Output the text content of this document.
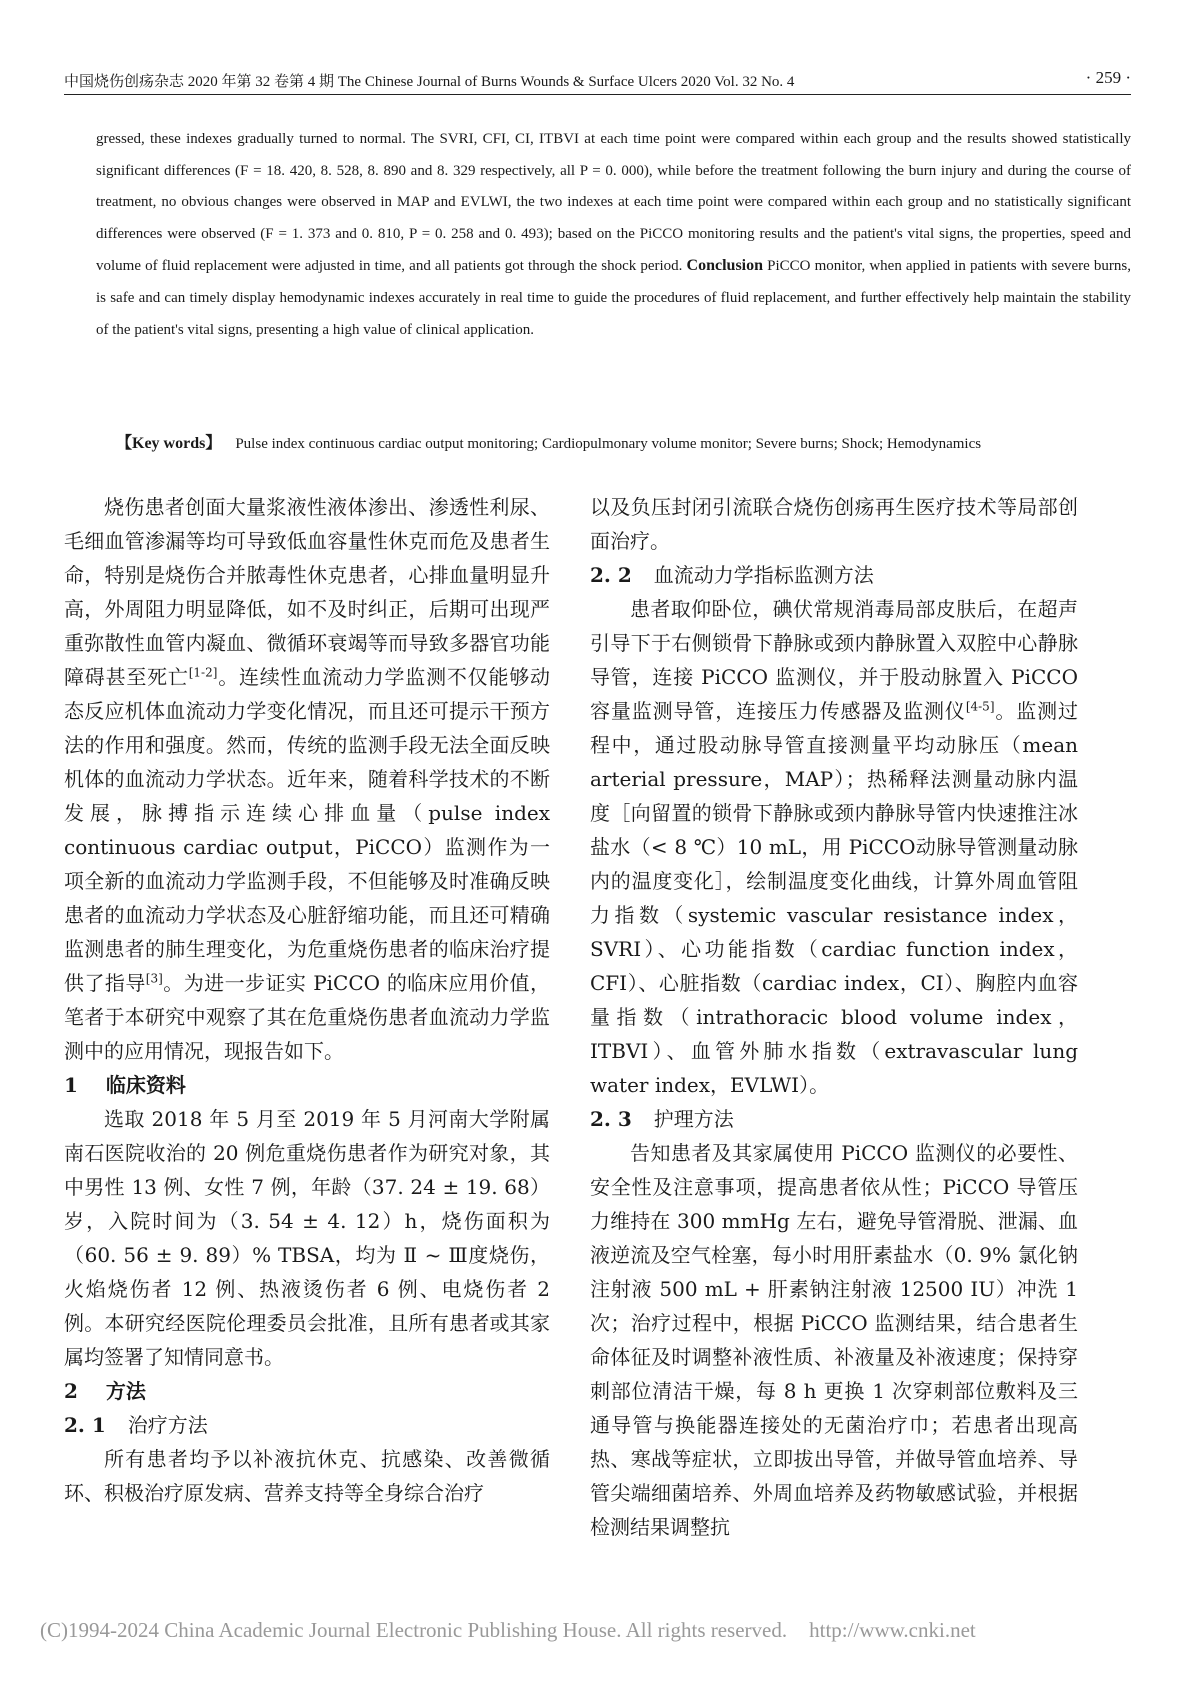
中国烧伤创疡杂志 2020 年第 32 卷第 4 期 The Chinese Journal of Burns Wounds & Surface Ulcers 2020 Vol. 32 No. 4	· 259 ·
gressed, these indexes gradually turned to normal. The SVRI, CFI, CI, ITBVI at each time point were compared within each group and the results showed statistically significant differences (F = 18. 420, 8. 528, 8. 890 and 8. 329 respectively, all P = 0. 000), while before the treatment following the burn injury and during the course of treatment, no obvious changes were observed in MAP and EVLWI, the two indexes at each time point were compared within each group and no statistically significant differences were observed (F = 1. 373 and 0. 810, P = 0. 258 and 0. 493); based on the PiCCO monitoring results and the patient's vital signs, the properties, speed and volume of fluid replacement were adjusted in time, and all patients got through the shock period. Conclusion PiCCO monitor, when applied in patients with severe burns, is safe and can timely display hemodynamic indexes accurately in real time to guide the procedures of fluid replacement, and further effectively help maintain the stability of the patient's vital signs, presenting a high value of clinical application.
【Key words】 Pulse index continuous cardiac output monitoring; Cardiopulmonary volume monitor; Severe burns; Shock; Hemodynamics

烧伤患者创面大量浆液性液体渗出、渗透性利尿、毛细血管渗漏等均可导致低血容量性休克而危及患者生命，特别是烧伤合并脓毒性休克患者，心排血量明显升高，外周阻力明显降低，如不及时纠正，后期可出现严重弥散性血管内凝血、微循环衰竭等而导致多器官功能障碍甚至死亡[1-2]。连续性血流动力学监测不仅能够动态反应机体血流动力学变化情况，而且还可提示干预方法的作用和强度。然而，传统的监测手段无法全面反映机体的血流动力学状态。近年来，随着科学技术的不断发展，脉搏指示连续心排血量（pulse index continuous cardiac output，PiCCO）监测作为一项全新的血流动力学监测手段，不但能够及时准确反映患者的血流动力学状态及心脏舒缩功能，而且还可精确监测患者的肺生理变化，为危重烧伤患者的临床治疗提供了指导[3]。为进一步证实 PiCCO 的临床应用价值，笔者于本研究中观察了其在危重烧伤患者血流动力学监测中的应用情况，现报告如下。

1 临床资料

选取 2018 年 5 月至 2019 年 5 月河南大学附属南石医院收治的 20 例危重烧伤患者作为研究对象，其中男性 13 例、女性 7 例，年龄（37. 24 ± 19. 68）岁，入院时间为（3. 54 ± 4. 12）h，烧伤面积为（60. 56 ± 9. 89）% TBSA，均为 Ⅱ ~ Ⅲ度烧伤，火焰烧伤者 12 例、热液烫伤者 6 例、电烧伤者 2 例。本研究经医院伦理委员会批准，且所有患者或其家属均签署了知情同意书。

2 方法
2. 1 治疗方法

所有患者均予以补液抗休克、抗感染、改善微循环、积极治疗原发病、营养支持等全身综合治疗

以及负压封闭引流联合烧伤创疡再生医疗技术等局部创面治疗。

2. 2 血流动力学指标监测方法

患者取仰卧位，碘伏常规消毒局部皮肤后，在超声引导下于右侧锁骨下静脉或颈内静脉置入双腔中心静脉导管，连接 PiCCO 监测仪，并于股动脉置入 PiCCO 容量监测导管，连接压力传感器及监测仪[4-5]。监测过程中，通过股动脉导管直接测量平均动脉压（mean arterial pressure，MAP）；热稀释法测量动脉内温度［向留置的锁骨下静脉或颈内静脉导管内快速推注冰盐水（< 8 ℃）10 mL，用 PiCCO动脉导管测量动脉内的温度变化］，绘制温度变化曲线，计算外周血管阻力指数（systemic vascular resistance index，SVRI）、心功能指数（cardiac function index，CFI）、心脏指数（cardiac index，CI）、胸腔内血容量指数（intrathoracic blood volume index，ITBVI）、血管外肺水指数（extravascular lung water index，EVLWI）。

2. 3 护理方法

告知患者及其家属使用 PiCCO 监测仪的必要性、安全性及注意事项，提高患者依从性；PiCCO 导管压力维持在 300 mmHg 左右，避免导管滑脱、泄漏、血液逆流及空气栓塞，每小时用肝素盐水（0. 9% 氯化钠注射液 500 mL + 肝素钠注射液 12500 IU）冲洗 1 次；治疗过程中，根据 PiCCO 监测结果，结合患者生命体征及时调整补液性质、补液量及补液速度；保持穿刺部位清洁干燥，每 8 h 更换 1 次穿刺部位敷料及三通导管与换能器连接处的无菌治疗巾；若患者出现高热、寒战等症状，立即拔出导管，并做导管血培养、导管尖端细菌培养、外周血培养及药物敏感试验，并根据检测结果调整抗

(C)1994-2024 China Academic Journal Electronic Publishing House. All rights reserved. http://www.cnki.net
